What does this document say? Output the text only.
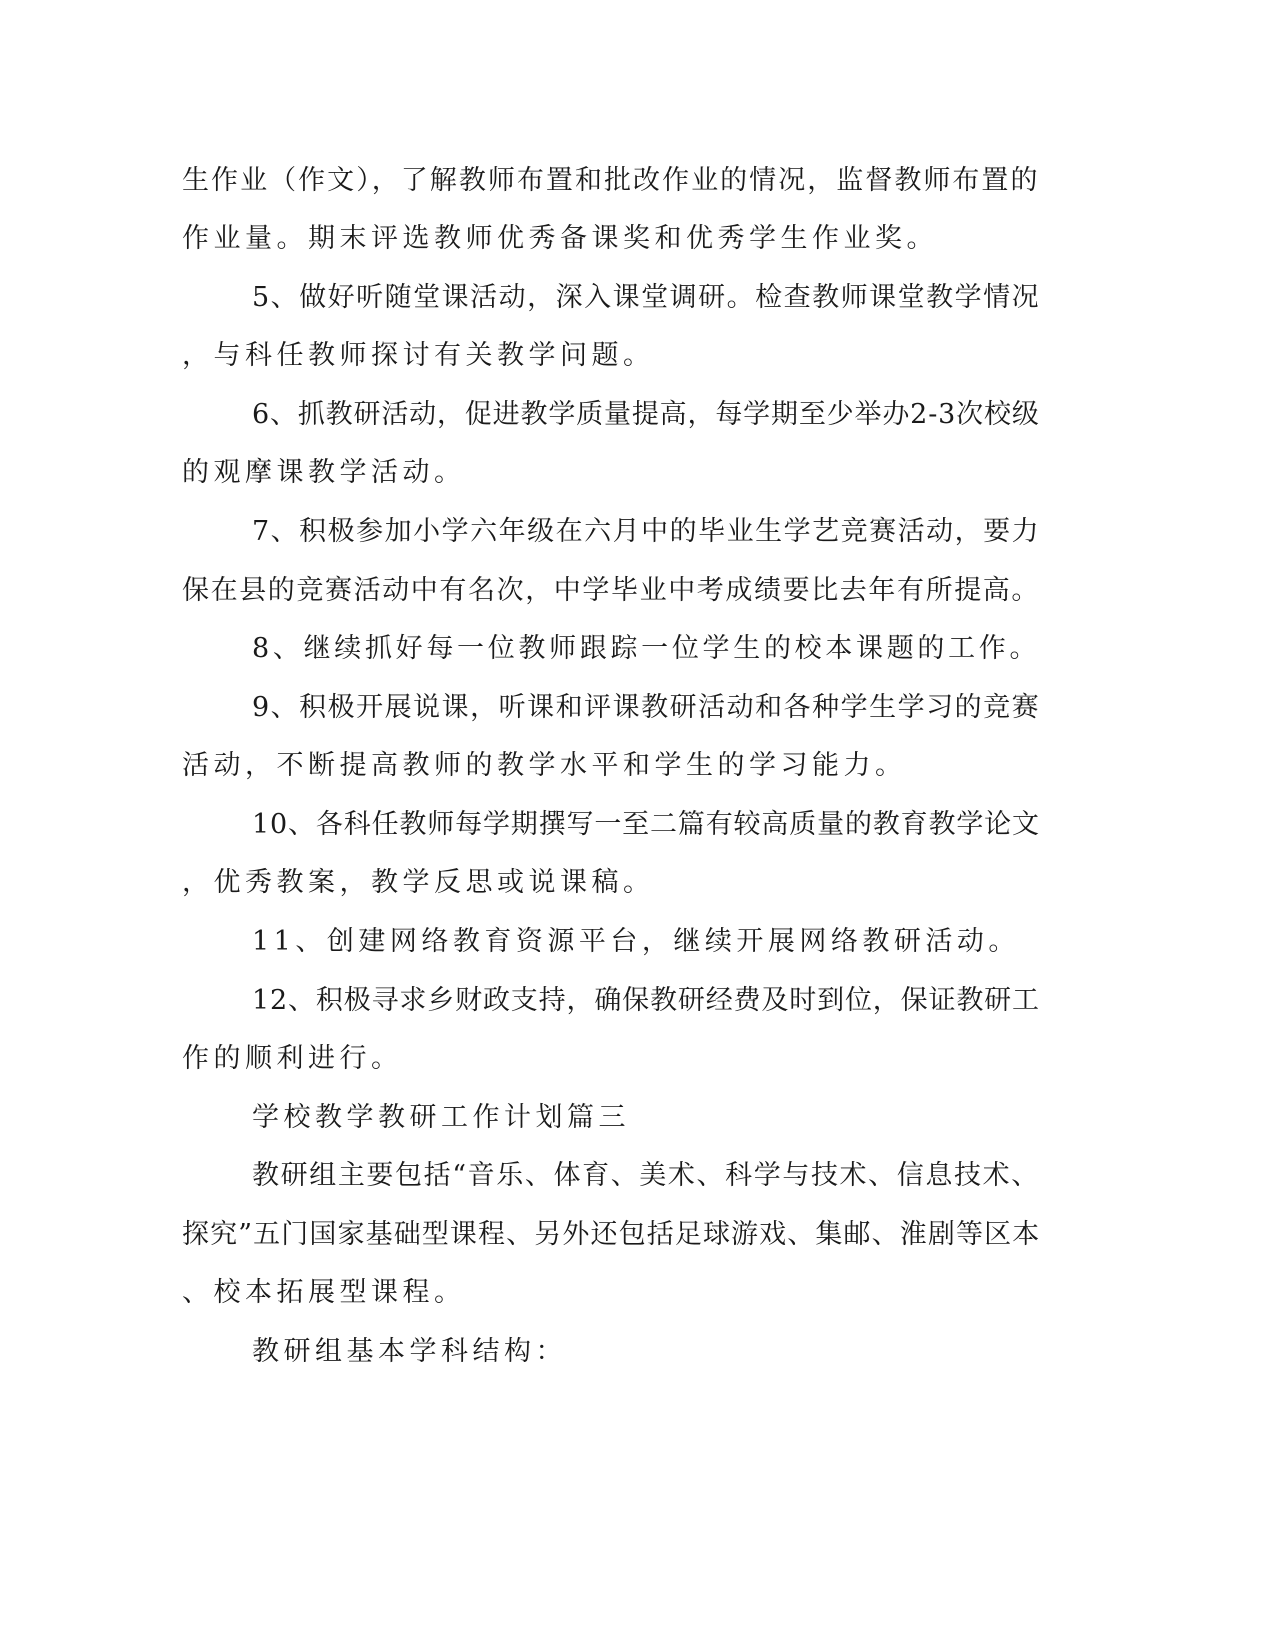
生作业（作文），了解教师布置和批改作业的情况，监督教师布置的
作业量。期末评选教师优秀备课奖和优秀学生作业奖。
5、做好听随堂课活动，深入课堂调研。检查教师课堂教学情况
，与科任教师探讨有关教学问题。
6、抓教研活动，促进教学质量提高，每学期至少举办2-3次校级
的观摩课教学活动。
7、积极参加小学六年级在六月中的毕业生学艺竞赛活动，要力
保在县的竞赛活动中有名次，中学毕业中考成绩要比去年有所提高。
8、继续抓好每一位教师跟踪一位学生的校本课题的工作。
9、积极开展说课，听课和评课教研活动和各种学生学习的竞赛
活动，不断提高教师的教学水平和学生的学习能力。
10、各科任教师每学期撰写一至二篇有较高质量的教育教学论文
，优秀教案，教学反思或说课稿。
11、创建网络教育资源平台，继续开展网络教研活动。
12、积极寻求乡财政支持，确保教研经费及时到位，保证教研工
作的顺利进行。
学校教学教研工作计划篇三
教研组主要包括“音乐、体育、美术、科学与技术、信息技术、
探究”五门国家基础型课程、另外还包括足球游戏、集邮、淮剧等区本
、校本拓展型课程。
教研组基本学科结构：
